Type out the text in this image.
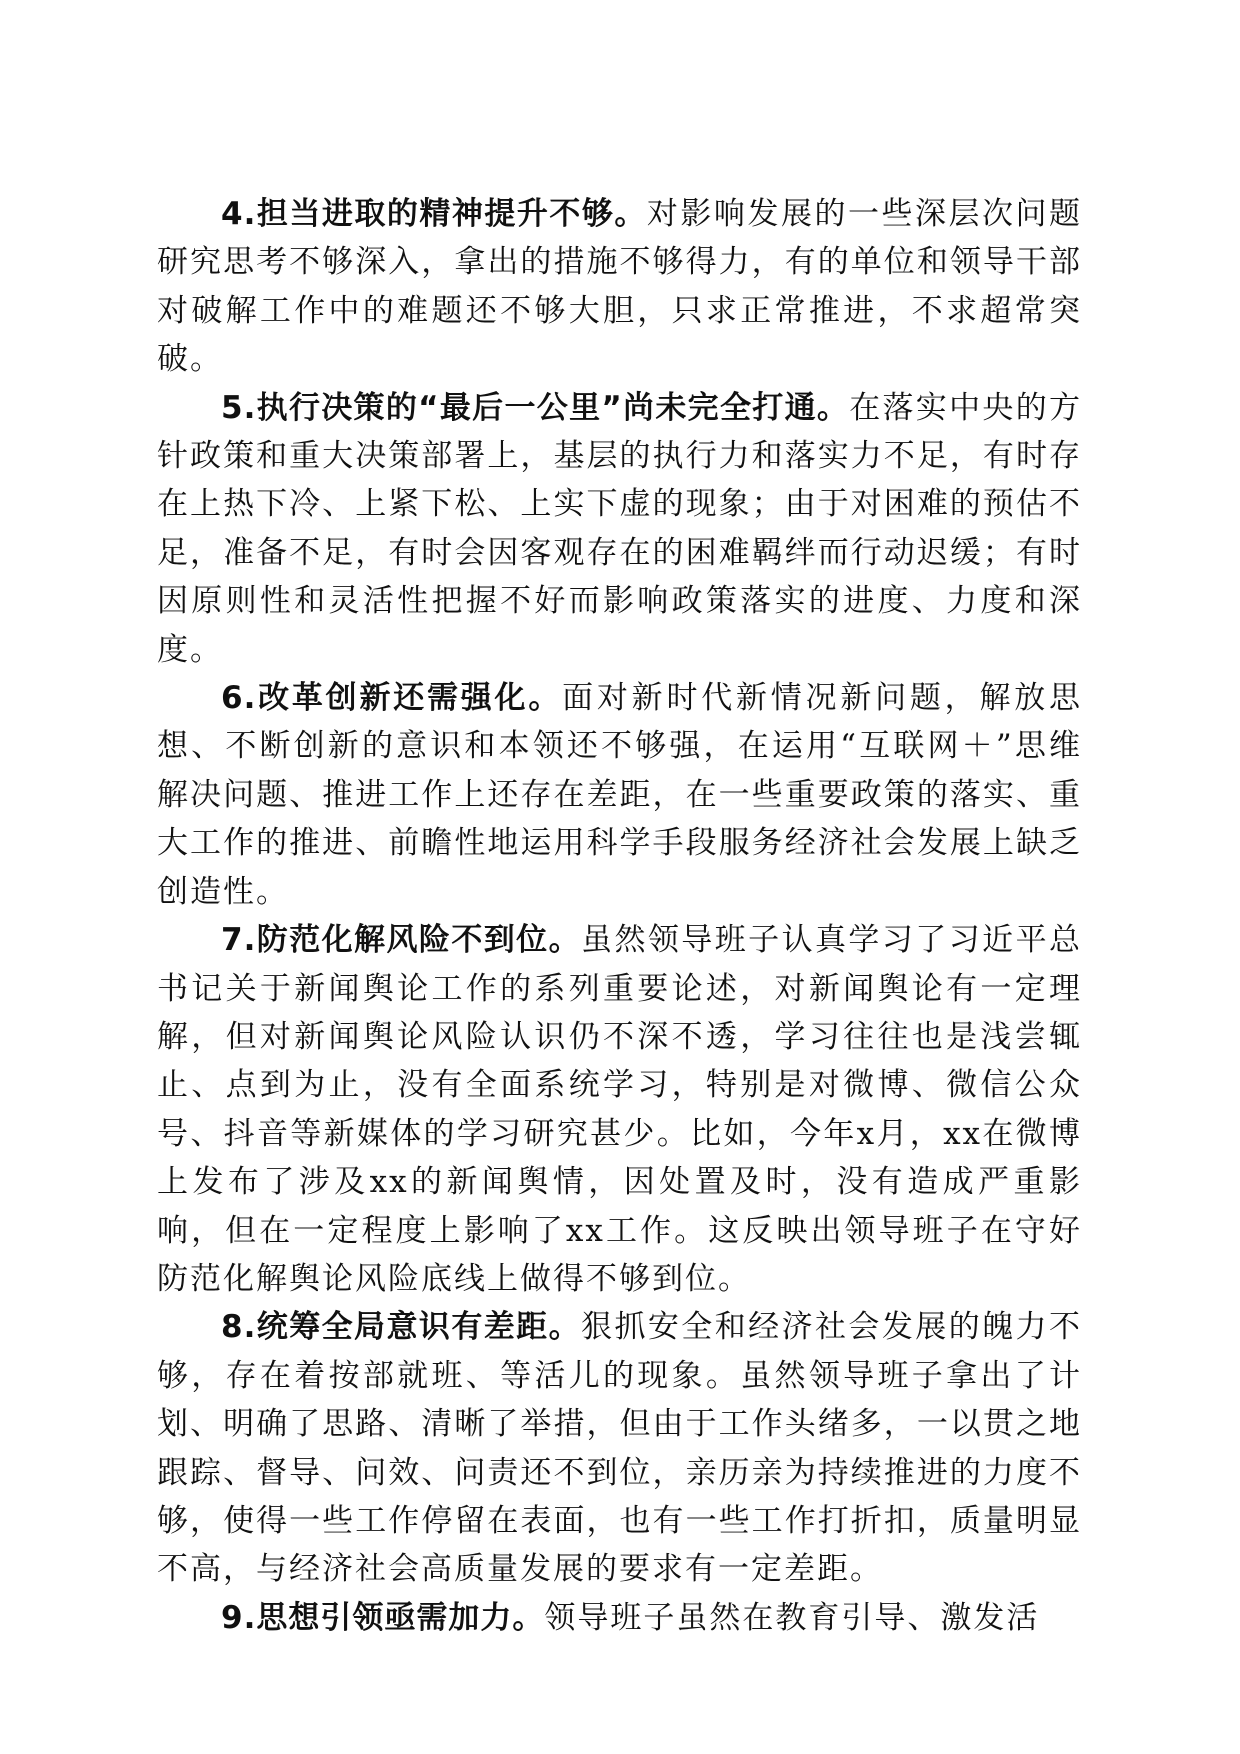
4.担当进取的精神提升不够。对影响发展的一些深层次问题研究思考不够深入，拿出的措施不够得力，有的单位和领导干部对破解工作中的难题还不够大胆，只求正常推进，不求超常突破。

5.执行决策的“最后一公里”尚未完全打通。在落实中央的方针政策和重大决策部署上，基层的执行力和落实力不足，有时存在上热下冷、上紧下松、上实下虚的现象；由于对困难的预估不足，准备不足，有时会因客观存在的困难羁绊而行动迟缓；有时因原则性和灵活性把握不好而影响政策落实的进度、力度和深度。

6.改革创新还需强化。面对新时代新情况新问题，解放思想、不断创新的意识和本领还不够强，在运用“互联网＋”思维解决问题、推进工作上还存在差距，在一些重要政策的落实、重大工作的推进、前瞻性地运用科学手段服务经济社会发展上缺乏创造性。

7.防范化解风险不到位。虽然领导班子认真学习了习近平总书记关于新闻舆论工作的系列重要论述，对新闻舆论有一定理解，但对新闻舆论风险认识仍不深不透，学习往往也是浅尝辄止、点到为止，没有全面系统学习，特别是对微博、微信公众号、抖音等新媒体的学习研究甚少。比如，今年x月，xx在微博上发布了涉及xx的新闻舆情，因处置及时，没有造成严重影响，但在一定程度上影响了xx工作。这反映出领导班子在守好防范化解舆论风险底线上做得不够到位。

8.统筹全局意识有差距。狠抓安全和经济社会发展的魄力不够，存在着按部就班、等活儿的现象。虽然领导班子拿出了计划、明确了思路、清晰了举措，但由于工作头绪多，一以贯之地跟踪、督导、问效、问责还不到位，亲历亲为持续推进的力度不够，使得一些工作停留在表面，也有一些工作打折扣，质量明显不高，与经济社会高质量发展的要求有一定差距。

9.思想引领亟需加力。领导班子虽然在教育引导、激发活
